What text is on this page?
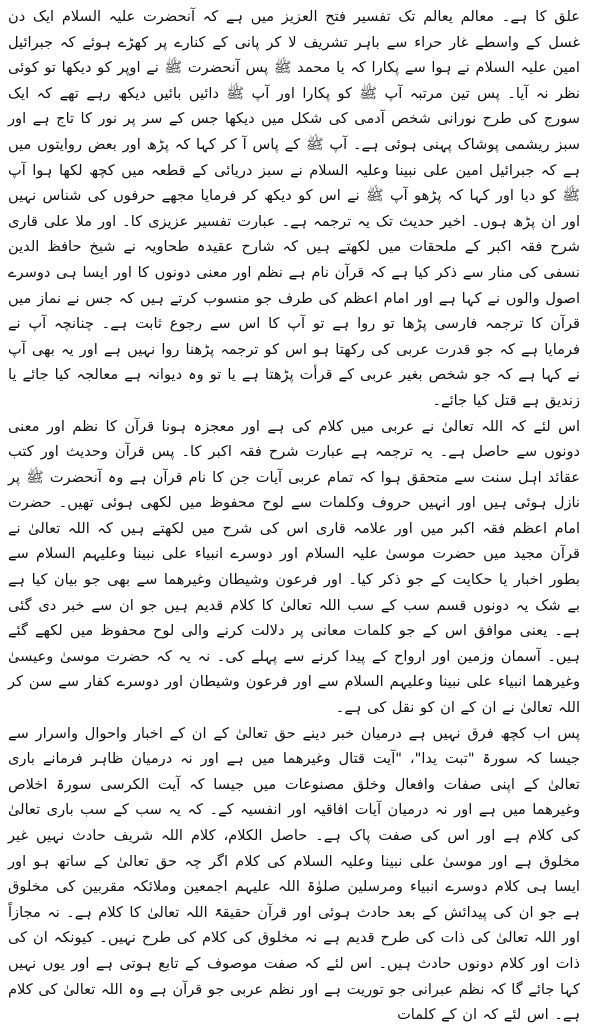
علق کا ہے۔ معالم یعالم تک تفسیر فتح العزیز میں ہے کہ آنحضرت علیہ السلام ایک دن غسل کے واسطے غار حراء سے باہر تشریف لا کر پانی کے کنارے پر کھڑے ہوئے کہ جبرائیل امین علیہ السلام نے ہوا سے پکارا کہ یا محمد ﷺ پس آنحضرت ﷺ نے اوپر کو دیکھا تو کوئی نظر نہ آیا۔ پس تین مرتبہ آپ ﷺ کو پکارا اور آپ ﷺ دائیں بائیں دیکھ رہے تھے کہ ایک سورج کی طرح نورانی شخص آدمی کی شکل میں دیکھا جس کے سر پر نور کا تاج ہے اور سبز ریشمی پوشاک پہنی ہوئی ہے۔ آپ ﷺ کے پاس آ کر کہا کہ پڑھ اور بعض روایتوں میں ہے کہ جبرائیل امین علی نبینا وعلیہ السلام نے سبز دریائی کے قطعہ میں کچھ لکھا ہوا آپ ﷺ کو دیا اور کہا کہ پڑھو آپ ﷺ نے اس کو دیکھ کر فرمایا مجھے حرفوں کی شناس نہیں اور ان پڑھ ہوں۔ اخیر حدیث تک یہ ترجمہ ہے۔ عبارت تفسیر عزیزی کا۔ اور ملا علی قاری شرح فقہ اکبر کے ملحقات میں لکھتے ہیں کہ شارح عقیدہ طحاویہ نے شیخ حافظ الدین نسفی کی منار سے ذکر کیا ہے کہ قرآن نام ہے نظم اور معنی دونوں کا اور ایسا ہی دوسرے اصول والوں نے کہا ہے اور امام اعظم کی طرف جو منسوب کرتے ہیں کہ جس نے نماز میں قرآن کا ترجمہ فارسی پڑھا تو روا ہے تو آپ کا اس سے رجوع ثابت ہے۔ چنانچہ آپ نے فرمایا ہے کہ جو قدرت عربی کی رکھتا ہو اس کو ترجمہ پڑھنا روا نہیں ہے اور یہ بھی آپ نے کہا ہے کہ جو شخص بغیر عربی کے قرأت پڑھتا ہے یا تو وہ دیوانہ ہے معالجہ کیا جائے یا زندیق ہے قتل کیا جائے۔

اس لئے کہ اللہ تعالیٰ نے عربی میں کلام کی ہے اور معجزہ ہونا قرآن کا نظم اور معنی دونوں سے حاصل ہے۔ یہ ترجمہ ہے عبارت شرح فقہ اکبر کا۔ پس قرآن وحدیث اور کتب عقائد اہل سنت سے متحقق ہوا کہ تمام عربی آیات جن کا نام قرآن ہے وہ آنحضرت ﷺ پر نازل ہوئی ہیں اور انہیں حروف وکلمات سے لوح محفوظ میں لکھی ہوئی تھیں۔ حضرت امام اعظم فقہ اکبر میں اور علامہ قاری اس کی شرح میں لکھتے ہیں کہ اللہ تعالیٰ نے قرآن مجید میں حضرت موسیٰ علیہ السلام اور دوسرے انبیاء علی نبینا وعلیہم السلام سے بطور اخبار یا حکایت کے جو ذکر کیا۔ اور فرعون وشیطان وغیرھما سے بھی جو بیان کیا ہے بے شک یہ دونوں قسم سب کے سب اللہ تعالیٰ کا کلام قدیم ہیں جو ان سے خبر دی گئی ہے۔ یعنی موافق اس کے جو کلمات معانی پر دلالت کرنے والی لوح محفوظ میں لکھے گئے ہیں۔ آسمان وزمین اور ارواح کے پیدا کرنے سے پہلے کی۔ نہ یہ کہ حضرت موسیٰ وعیسیٰ وغیرھما انبیاء علی نبینا وعلیہم السلام سے اور فرعون وشیطان اور دوسرے کفار سے سن کر اللہ تعالیٰ نے ان کے ان کو نقل کی ہے۔

پس اب کچھ فرق نہیں ہے درمیان خبر دینے حق تعالیٰ کے ان کے اخبار واحوال واسرار سے جیسا کہ سورۃ "تبت یدا"، "آیت قتال وغیرھما میں ہے اور نہ درمیان ظاہر فرمانے باری تعالیٰ کے اپنی صفات وافعال وخلق مصنوعات میں جیسا کہ آیت الکرسی سورۃ اخلاص وغیرھما میں ہے اور نہ درمیان آیات افاقیہ اور انفسیہ کے۔ کہ یہ سب کے سب باری تعالیٰ کی کلام ہے اور اس کی صفت پاک ہے۔ حاصل الکلام، کلام اللہ شریف حادث نہیں غیر مخلوق ہے اور موسیٰ علی نبینا وعلیہ السلام کی کلام اگر چہ حق تعالیٰ کے ساتھ ہو اور ایسا ہی کلام دوسرے انبیاء ومرسلین صلوٰۃ اللہ علیہم اجمعین وملائکہ مقربین کی مخلوق ہے جو ان کی پیدائش کے بعد حادث ہوئی اور قرآن حقیقۃً اللہ تعالیٰ کا کلام ہے۔ نہ مجازاً اور اللہ تعالیٰ کی ذات کی طرح قدیم ہے نہ مخلوق کی کلام کی طرح نہیں۔ کیونکہ ان کی ذات اور کلام دونوں حادث ہیں۔ اس لئے کہ صفت موصوف کے تابع ہوتی ہے اور یوں نہیں کہا جائے گا کہ نظم عبرانی جو توریت ہے اور نظم عربی جو قرآن ہے وہ اللہ تعالیٰ کی کلام ہے۔ اس لئے کہ ان کے کلمات
